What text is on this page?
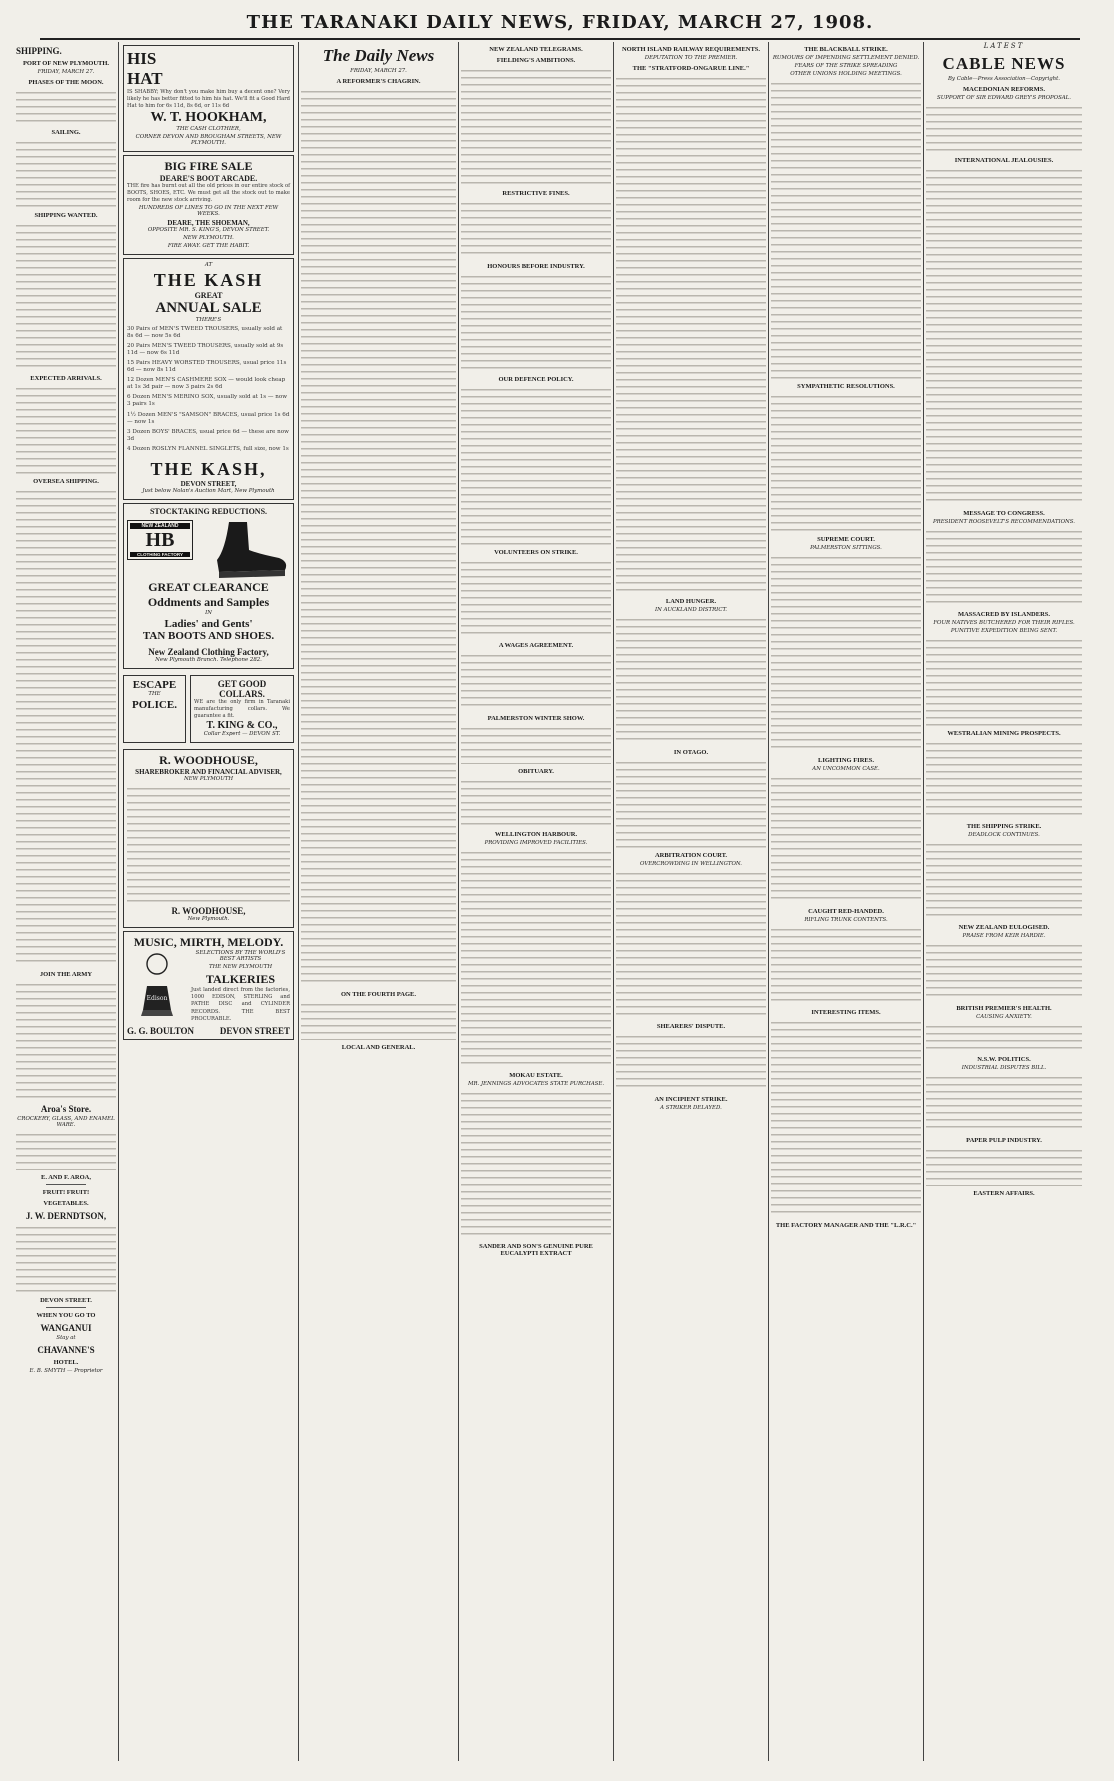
THE TARANAKI DAILY NEWS, FRIDAY, MARCH 27, 1908.
SHIPPING.
PORT OF NEW PLYMOUTH.
FRIDAY, MARCH 27.
PHASES OF THE MOON.

SAILING.
SHIPPING WANTED.
EXPECTED ARRIVALS.
OVERSEA SHIPPING.
JOIN THE ARMY
Aroa's Store.
CROCKERY, GLASS, AND ENAMEL WARE.
E. AND F. AROA,
FRUIT! FRUIT!
VEGETABLES.
J. W. DERNDTSON,
DEVON STREET.
WHEN YOU GO TO
WANGANUI
Stay at
CHAVANNE'S
HOTEL.
E. B. SMYTH — Proprietor
HIS
HAT
IS SHABBY; Why don't you make him buy a decent one? Very likely he has better fitted to him his hat. We'll fit a Good Hard Hat to him for 6s 11d, 8s 6d, or 11s 6d
W. T. HOOKHAM,
THE CASH CLOTHIER,
CORNER DEVON AND BROUGHAM STREETS, NEW PLYMOUTH.
BIG FIRE SALE
DEARE'S BOOT ARCADE.
THE fire has burnt out all the old prices in our entire stock of BOOTS, SHOES, ETC. We must get all the stock out to make room for the new stock arriving.
HUNDREDS OF LINES TO GO IN THE NEXT FEW WEEKS.
DEARE, THE SHOEMAN,
OPPOSITE MR. S. KING'S, DEVON STREET.
NEW PLYMOUTH.
FIRE AWAY. GET THE HABIT.
AT
THE KASH
GREAT
ANNUAL SALE
THERE'S
30 Pairs of MEN'S TWEED TROUSERS, usually sold at 8s 6d — now 5s 6d
20 Pairs MEN'S TWEED TROUSERS, usually sold at 9s 11d — now 6s 11d
15 Pairs HEAVY WORSTED TROUSERS, usual price 11s 6d — now 8s 11d
12 Dozen MEN'S CASHMERE SOX — would look cheap at 1s 3d pair — now 3 pairs 2s 6d
6 Dozen MEN'S MERINO SOX, usually sold at 1s — now 3 pairs 1s
1½ Dozen MEN'S "SAMSON" BRACES, usual price 1s 6d — now 1s
3 Dozen BOYS' BRACES, usual price 6d — these are now 3d
4 Dozen ROSLYN FLANNEL SINGLETS, full size, now 1s
THE KASH,
DEVON STREET,
Just below Nolan's Auction Mart, New Plymouth
STOCKTAKING REDUCTIONS.
NEW ZEALAND
HB
CLOTHING FACTORY
GREAT CLEARANCE
Oddments and Samples
IN
Ladies' and Gents'
TAN BOOTS AND SHOES.
New Zealand Clothing Factory,
New Plymouth Branch. Telephone 282.
ESCAPE
THE
POLICE.
GET GOOD COLLARS.
WE are the only firm in Taranaki manufacturing collars. We guarantee a fit.
T. KING & CO.,
Collar Expert — DEVON ST.
R. WOODHOUSE,
SHAREBROKER AND FINANCIAL ADVISER,
NEW PLYMOUTH
R. WOODHOUSE,
New Plymouth.
MUSIC, MIRTH, MELODY.
Edison
SELECTIONS BY THE WORLD'S BEST ARTISTS
THE NEW PLYMOUTH
TALKERIES
Just landed direct from the factories, 1000 EDISON, STERLING and PATHE DISC and CYLINDER RECORDS. THE BEST PROCURABLE.
G. G. BOULTON	DEVON STREET
The Daily News
FRIDAY, MARCH 27.
A REFORMER'S CHAGRIN.
ON THE FOURTH PAGE.
LOCAL AND GENERAL.
NEW ZEALAND TELEGRAMS.
FIELDING'S AMBITIONS.
RESTRICTIVE FINES.
HONOURS BEFORE INDUSTRY.
OUR DEFENCE POLICY.
VOLUNTEERS ON STRIKE.
A WAGES AGREEMENT.
PALMERSTON WINTER SHOW.
OBITUARY.
WELLINGTON HARBOUR.
PROVIDING IMPROVED FACILITIES.
MOKAU ESTATE.
MR. JENNINGS ADVOCATES STATE PURCHASE.
SANDER AND SON'S GENUINE PURE EUCALYPTI EXTRACT
NORTH ISLAND RAILWAY REQUIREMENTS.
DEPUTATION TO THE PREMIER.
THE "STRATFORD-ONGARUE LINE."
LAND HUNGER.
IN AUCKLAND DISTRICT.
IN OTAGO.
ARBITRATION COURT.
OVERCROWDING IN WELLINGTON.
SHEARERS' DISPUTE.
AN INCIPIENT STRIKE.
A STRIKER DELAYED.
THE BLACKBALL STRIKE.
RUMOURS OF IMPENDING SETTLEMENT DENIED.
FEARS OF THE STRIKE SPREADING
OTHER UNIONS HOLDING MEETINGS.
SYMPATHETIC RESOLUTIONS.
SUPREME COURT.
PALMERSTON SITTINGS.
LIGHTING FIRES.
AN UNCOMMON CASE.
CAUGHT RED-HANDED.
RIFLING TRUNK CONTENTS.
INTERESTING ITEMS.
THE FACTORY MANAGER AND THE "L.R.C."
LATEST
CABLE NEWS
By Cable—Press Association—Copyright.
MACEDONIAN REFORMS.
SUPPORT OF SIR EDWARD GREY'S PROPOSAL.
INTERNATIONAL JEALOUSIES.
MESSAGE TO CONGRESS.
PRESIDENT ROOSEVELT'S RECOMMENDATIONS.
MASSACRED BY ISLANDERS.
FOUR NATIVES BUTCHERED FOR THEIR RIFLES.
PUNITIVE EXPEDITION BEING SENT.
WESTRALIAN MINING PROSPECTS.
THE SHIPPING STRIKE.
DEADLOCK CONTINUES.
NEW ZEALAND EULOGISED.
PRAISE FROM KEIR HARDIE.
BRITISH PREMIER'S HEALTH.
CAUSING ANXIETY.
N.S.W. POLITICS.
INDUSTRIAL DISPUTES BILL.
PAPER PULP INDUSTRY.
EASTERN AFFAIRS.
